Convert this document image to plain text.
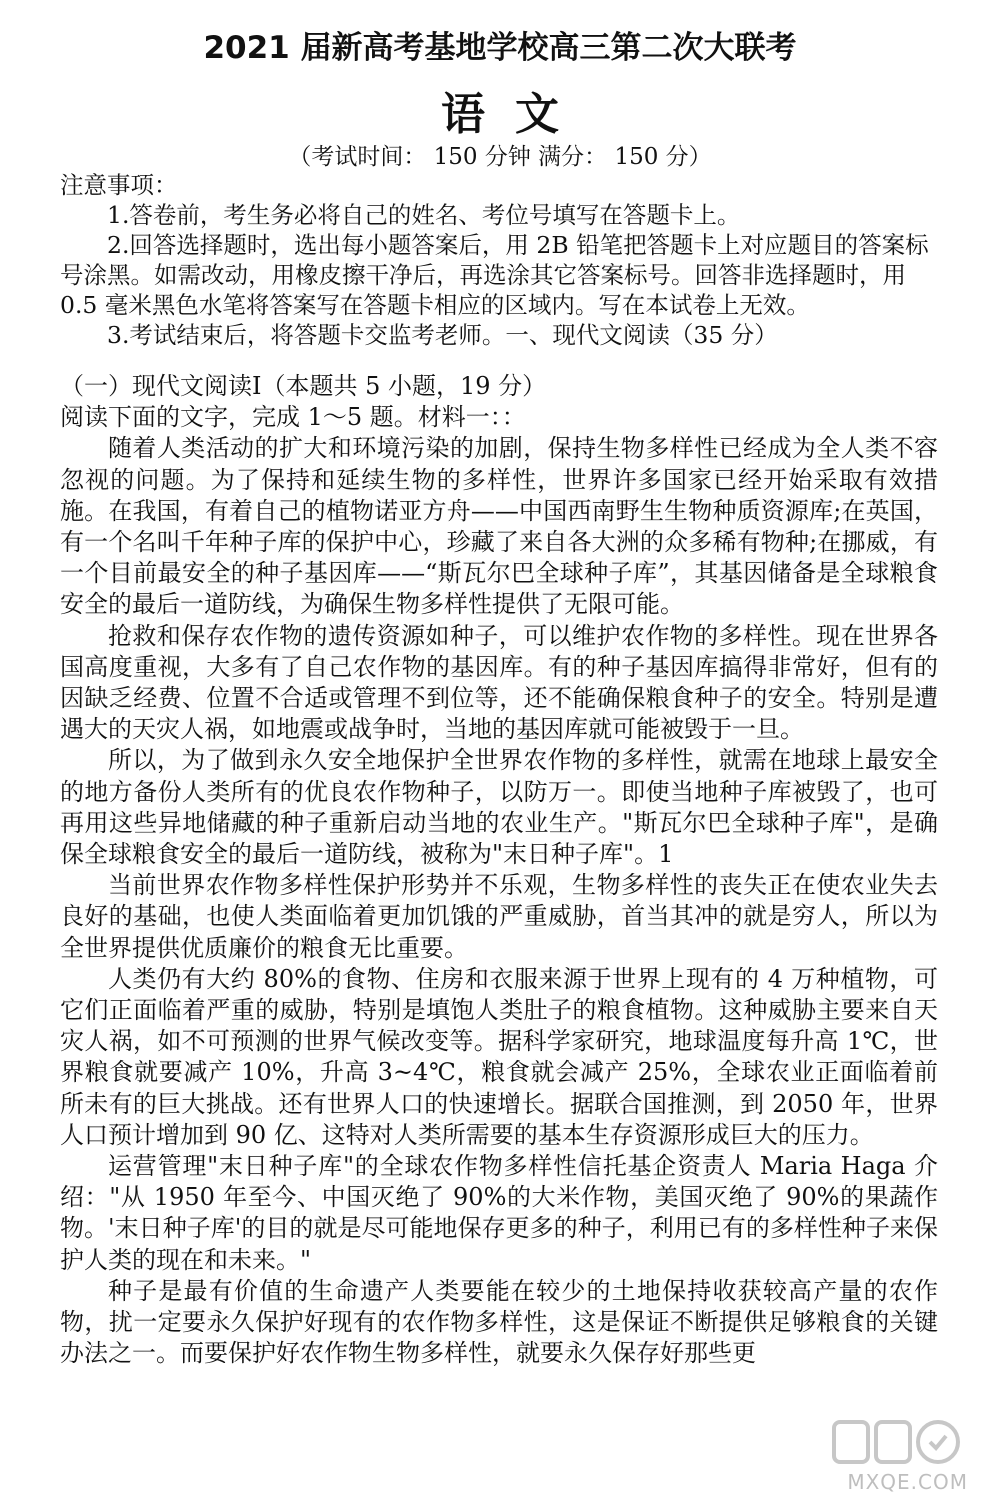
2021 届新高考基地学校高三第二次大联考
语文

（考试时间： 150 分钟 满分： 150 分）

注意事项：

1.答卷前，考生务必将自己的姓名、考位号填写在答题卡上。

2.回答选择题时，选出每小题答案后，用 2B 铅笔把答题卡上对应题目的答案标号涂黑。如需改动，用橡皮擦干净后，再选涂其它答案标号。回答非选择题时，用 0.5 毫米黑色水笔将答案写在答题卡相应的区域内。写在本试卷上无效。

3.考试结束后，将答题卡交监考老师。一、现代文阅读（35 分）

（一）现代文阅读Ⅰ（本题共 5 小题，19 分）

阅读下面的文字，完成 1～5 题。材料一：：

随着人类活动的扩大和环境污染的加剧，保持生物多样性已经成为全人类不容忽视的问题。为了保持和延续生物的多样性，世界许多国家已经开始采取有效措施。在我国，有着自己的植物诺亚方舟——中国西南野生生物种质资源库;在英国，有一个名叫千年种子库的保护中心，珍藏了来自各大洲的众多稀有物种;在挪威，有一个目前最安全的种子基因库——“斯瓦尔巴全球种子库”，其基因储备是全球粮食安全的最后一道防线，为确保生物多样性提供了无限可能。

抢救和保存农作物的遗传资源如种子，可以维护农作物的多样性。现在世界各国高度重视，大多有了自己农作物的基因库。有的种子基因库搞得非常好，但有的因缺乏经费、位置不合适或管理不到位等，还不能确保粮食种子的安全。特别是遭遇大的天灾人祸，如地震或战争时，当地的基因库就可能被毁于一旦。

所以，为了做到永久安全地保护全世界农作物的多样性，就需在地球上最安全的地方备份人类所有的优良农作物种子，以防万一。即使当地种子库被毁了，也可再用这些异地储藏的种子重新启动当地的农业生产。"斯瓦尔巴全球种子库"，是确保全球粮食安全的最后一道防线，被称为"末日种子库"。1

当前世界农作物多样性保护形势并不乐观，生物多样性的丧失正在使农业失去良好的基础，也使人类面临着更加饥饿的严重威胁，首当其冲的就是穷人，所以为全世界提供优质廉价的粮食无比重要。

人类仍有大约 80%的食物、住房和衣服来源于世界上现有的 4 万种植物，可它们正面临着严重的威胁，特别是填饱人类肚子的粮食植物。这种威胁主要来自天灾人祸，如不可预测的世界气候改变等。据科学家研究，地球温度每升高 1℃，世界粮食就要减产 10%，升高 3~4℃，粮食就会减产 25%，全球农业正面临着前所未有的巨大挑战。还有世界人口的快速增长。据联合国推测，到 2050 年，世界人口预计增加到 90 亿、这特对人类所需要的基本生存资源形成巨大的压力。

运营管理"末日种子库"的全球农作物多样性信托基企资责人 Maria Haga 介绍："从 1950 年至今、中国灭绝了 90%的大米作物，美国灭绝了 90%的果蔬作物。'末日种子库'的目的就是尽可能地保存更多的种子，利用已有的多样性种子来保护人类的现在和未来。"

种子是最有价值的生命遗产人类要能在较少的土地保持收获较高产量的农作物，扰一定要永久保护好现有的农作物多样性，这是保证不断提供足够粮食的关键办法之一。而要保护好农作物生物多样性，就要永久保存好那些更

MXQE.COM
